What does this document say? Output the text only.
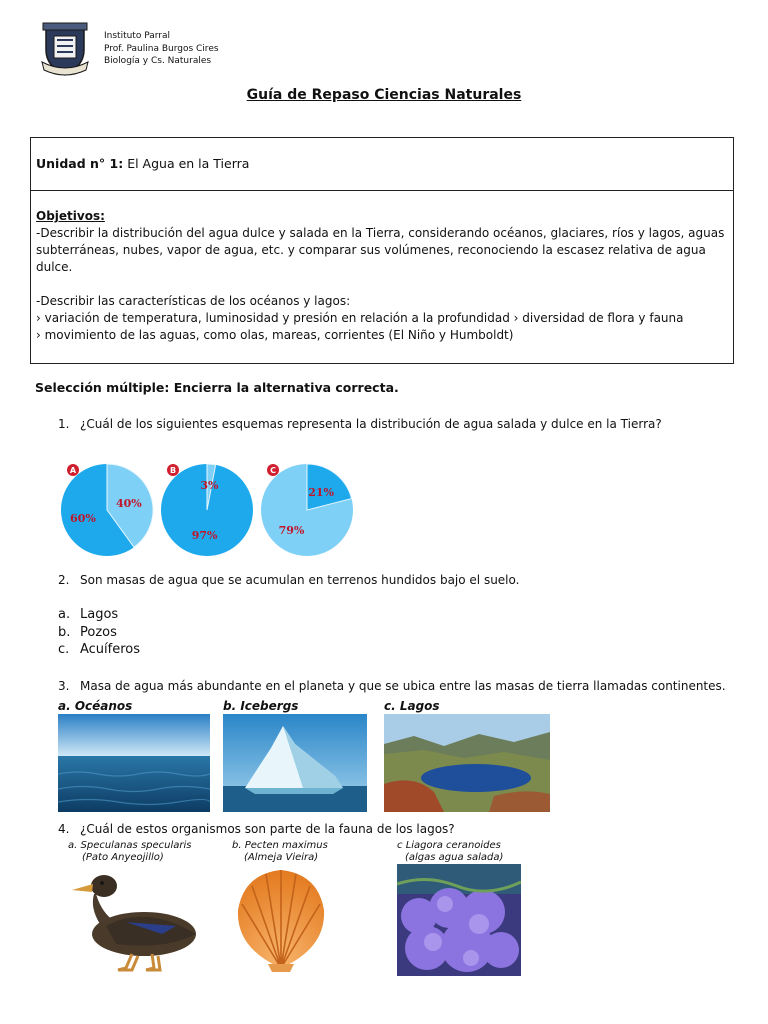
Instituto Parral
Prof. Paulina Burgos Cires
Biología y Cs. Naturales
Guía de Repaso Ciencias Naturales
Unidad n° 1: El Agua en la Tierra
Objetivos:

-Describir la distribución del agua dulce y salada en la Tierra, considerando océanos, glaciares, ríos y lagos, aguas subterráneas, nubes, vapor de agua, etc. y comparar sus volúmenes, reconociendo la escasez relativa de agua dulce.

-Describir las características de los océanos y lagos:

› variación de temperatura, luminosidad y presión en relación a la profundidad › diversidad de flora y fauna

› movimiento de las aguas, como olas, mareas, corrientes (El Niño y Humboldt)

Selección múltiple: Encierra la alternativa correcta.
1. ¿Cuál de los siguientes esquemas representa la distribución de agua salada y dulce en la Tierra?
40%
60%
A
3%
97%
B
21%
79%
C
2. Son masas de agua que se acumulan en terrenos hundidos bajo el suelo.
a. Lagos
b. Pozos
c. Acuíferos
3. Masa de agua más abundante en el planeta y que se ubica entre las masas de tierra llamadas continentes.
a. Océanos	b. Icebergs	c. Lagos
4. ¿Cuál de estos organismos son parte de la fauna de los lagos?
a. Speculanas specularis
(Pato Anyeojillo)
b. Pecten maximus
(Almeja Vieira)
c Liagora ceranoides
(algas agua salada)
